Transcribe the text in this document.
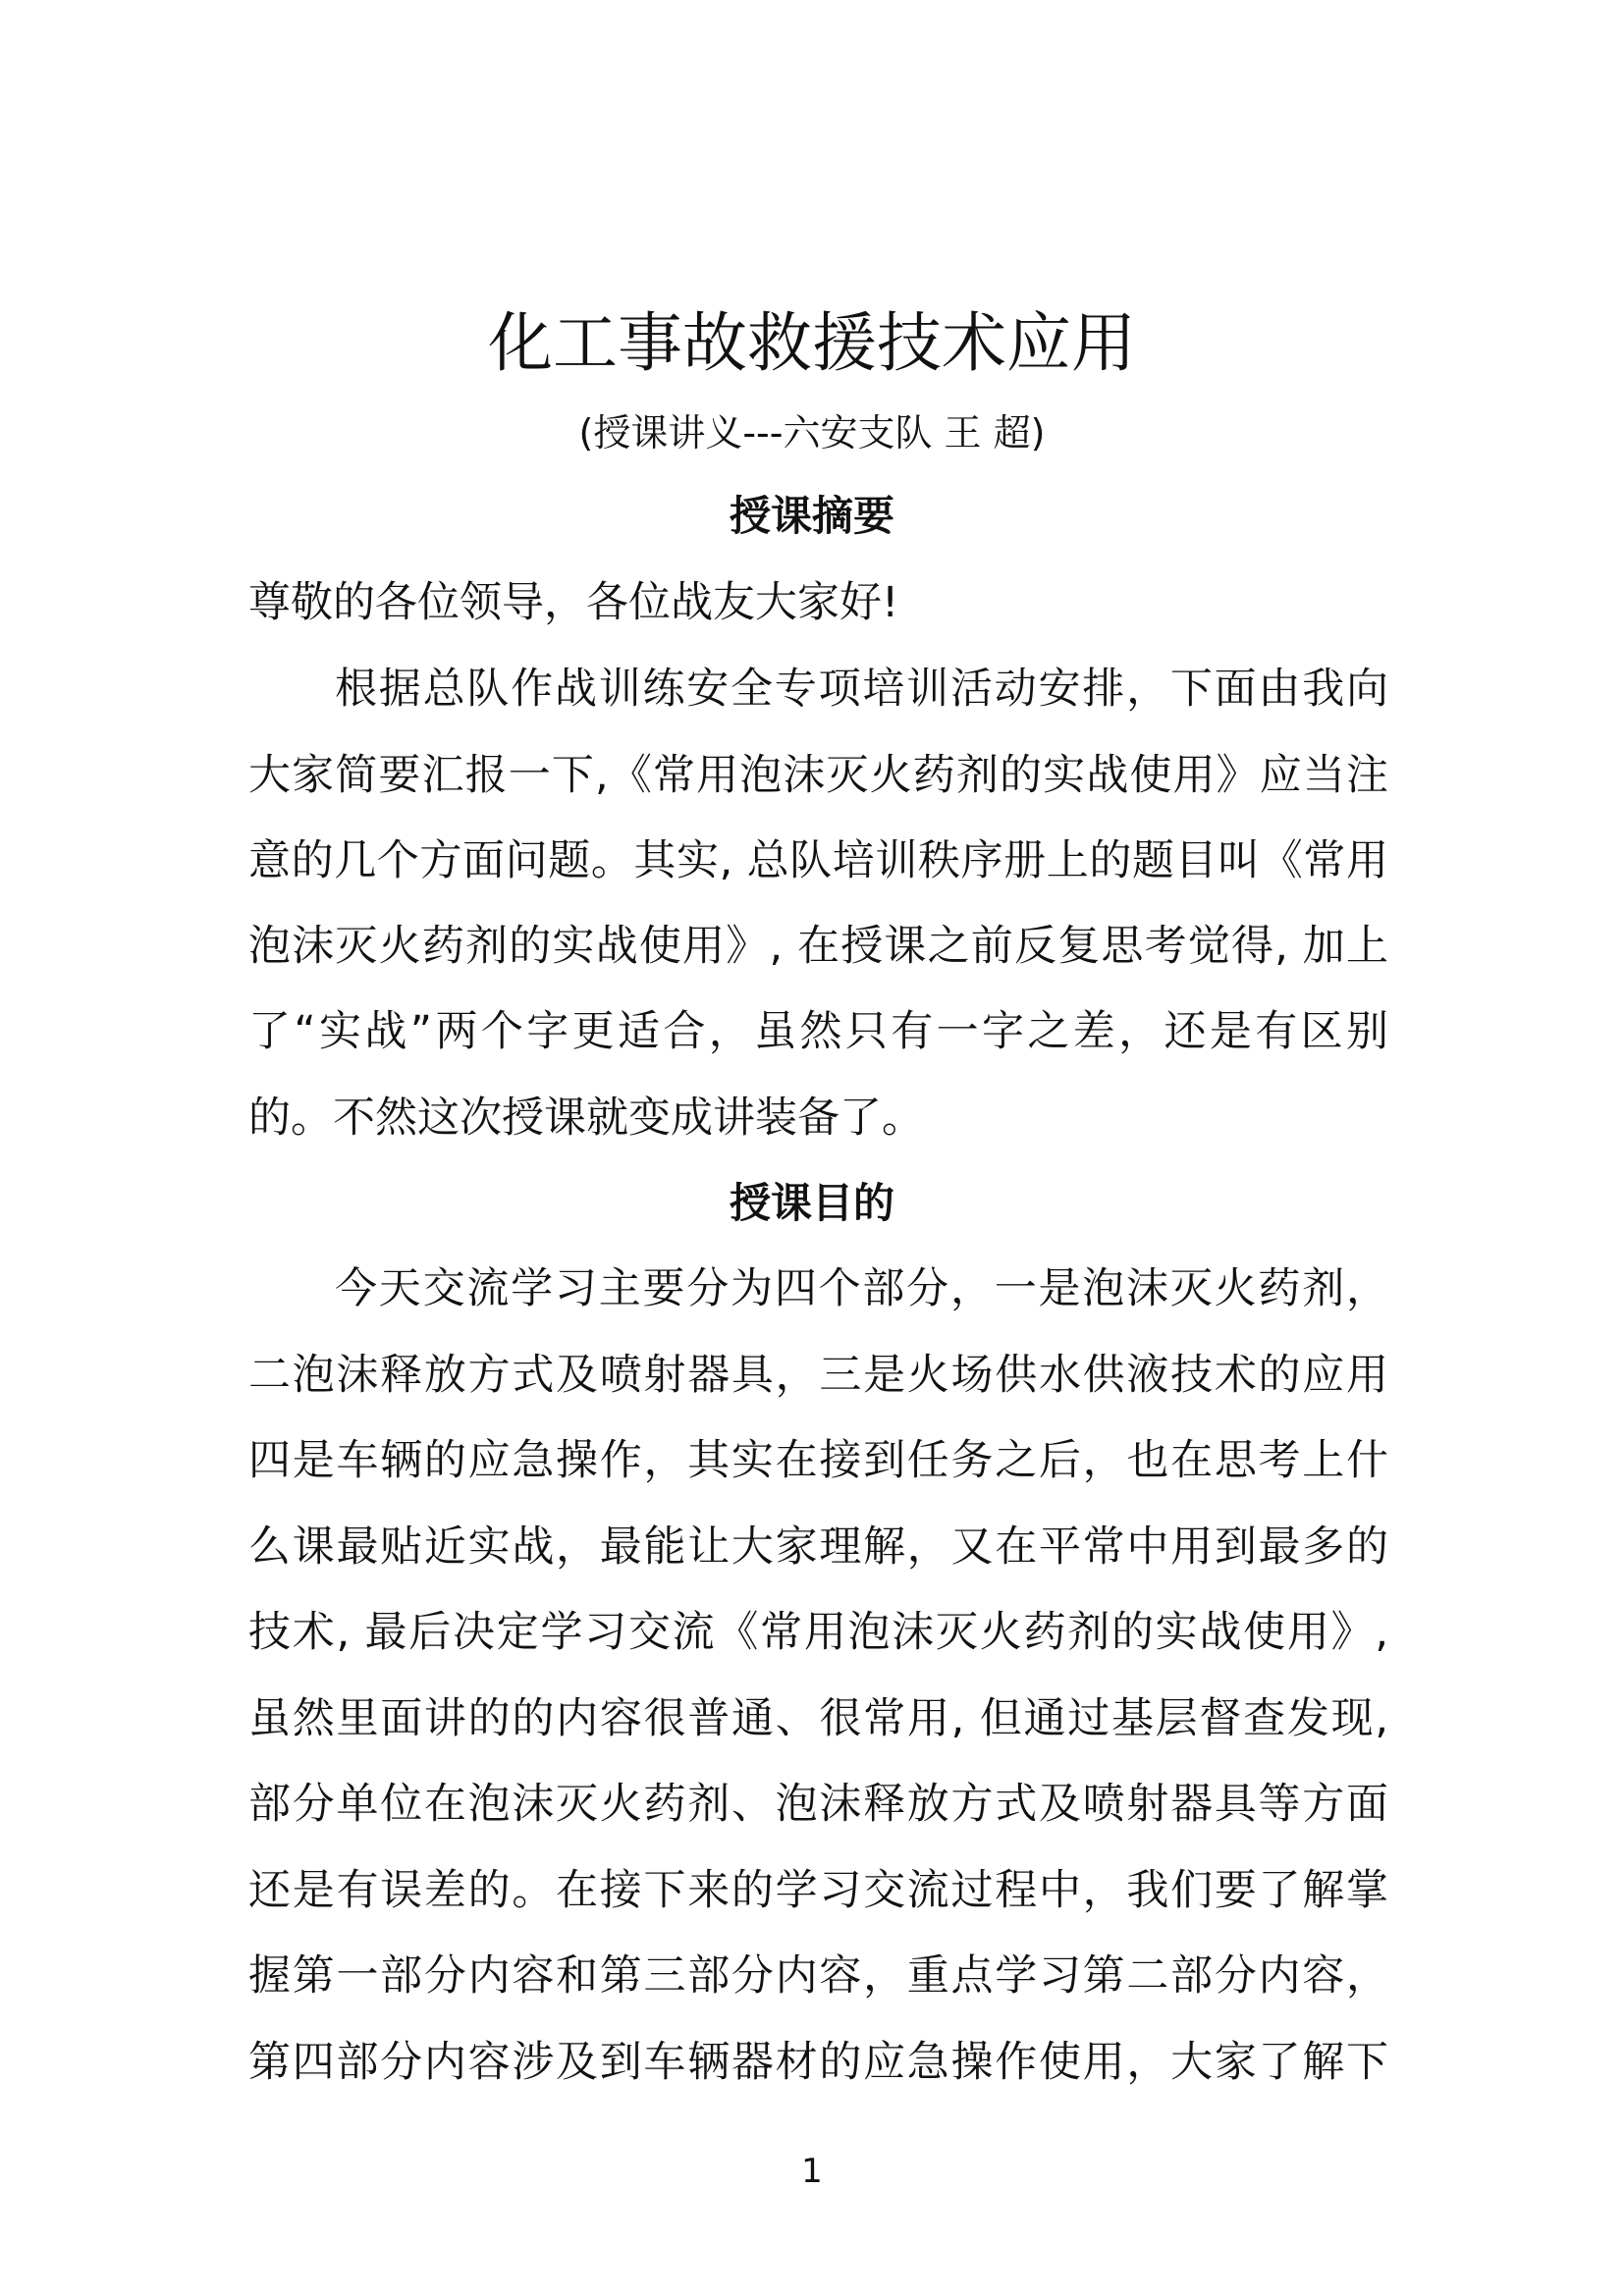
化工事故救援技术应用
(授课讲义---六安支队 王 超)
授课摘要
尊敬的各位领导，各位战友大家好!
根据总队作战训练安全专项培训活动安排，下面由我向
大家简要汇报一下,《常用泡沫灭火药剂的实战使用》应当注
意的几个方面问题。其实, 总队培训秩序册上的题目叫《常用
泡沫灭火药剂的实战使用》, 在授课之前反复思考觉得, 加上
了“实战”两个字更适合，虽然只有一字之差，还是有区别
的。不然这次授课就变成讲装备了。
授课目的
今天交流学习主要分为四个部分，一是泡沫灭火药剂，
二泡沫释放方式及喷射器具，三是火场供水供液技术的应用
四是车辆的应急操作，其实在接到任务之后，也在思考上什
么课最贴近实战，最能让大家理解，又在平常中用到最多的
技术, 最后决定学习交流《常用泡沫灭火药剂的实战使用》,
虽然里面讲的的内容很普通、很常用, 但通过基层督查发现,
部分单位在泡沫灭火药剂、泡沫释放方式及喷射器具等方面
还是有误差的。在接下来的学习交流过程中，我们要了解掌
握第一部分内容和第三部分内容，重点学习第二部分内容，
第四部分内容涉及到车辆器材的应急操作使用，大家了解下
1
